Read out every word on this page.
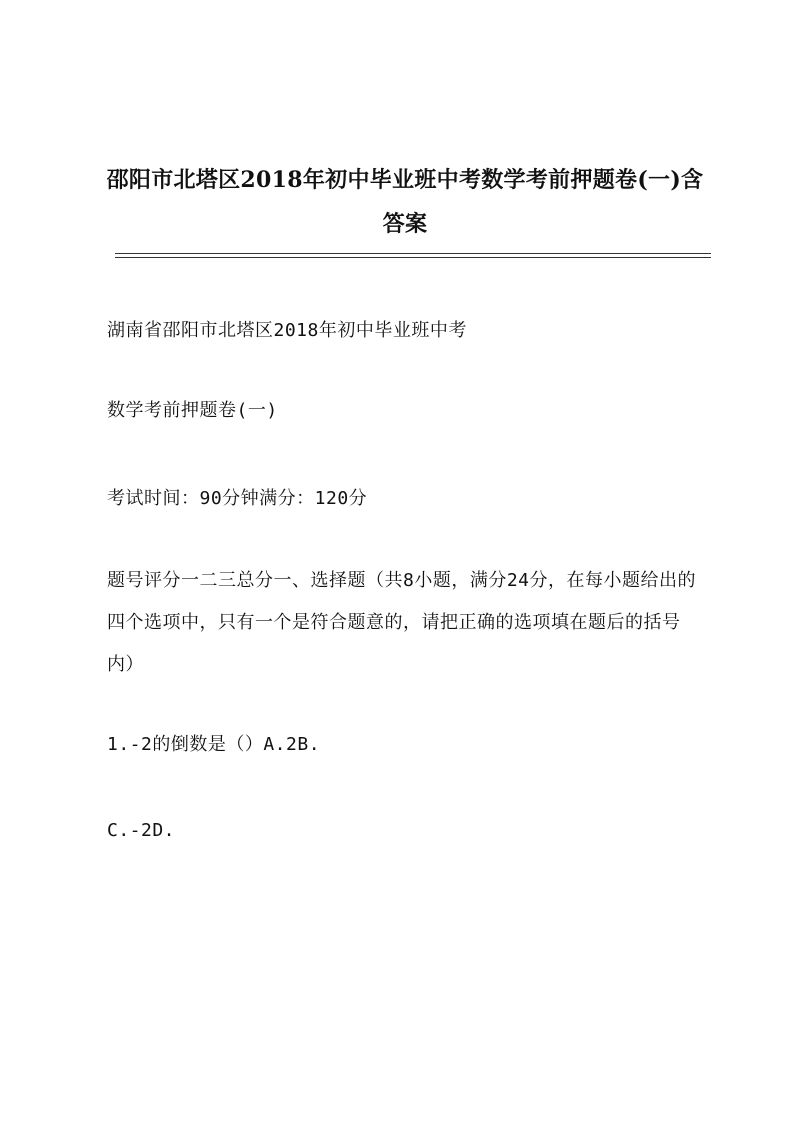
邵阳市北塔区2018年初中毕业班中考数学考前押题卷(一)含答案
湖南省邵阳市北塔区2018年初中毕业班中考
数学考前押题卷(一)
考试时间：90分钟满分：120分
题号评分一二三总分一、选择题（共8小题，满分24分，在每小题给出的四个选项中，只有一个是符合题意的，请把正确的选项填在题后的括号内）
1.-2的倒数是（）A.2B.
C.-2D.
